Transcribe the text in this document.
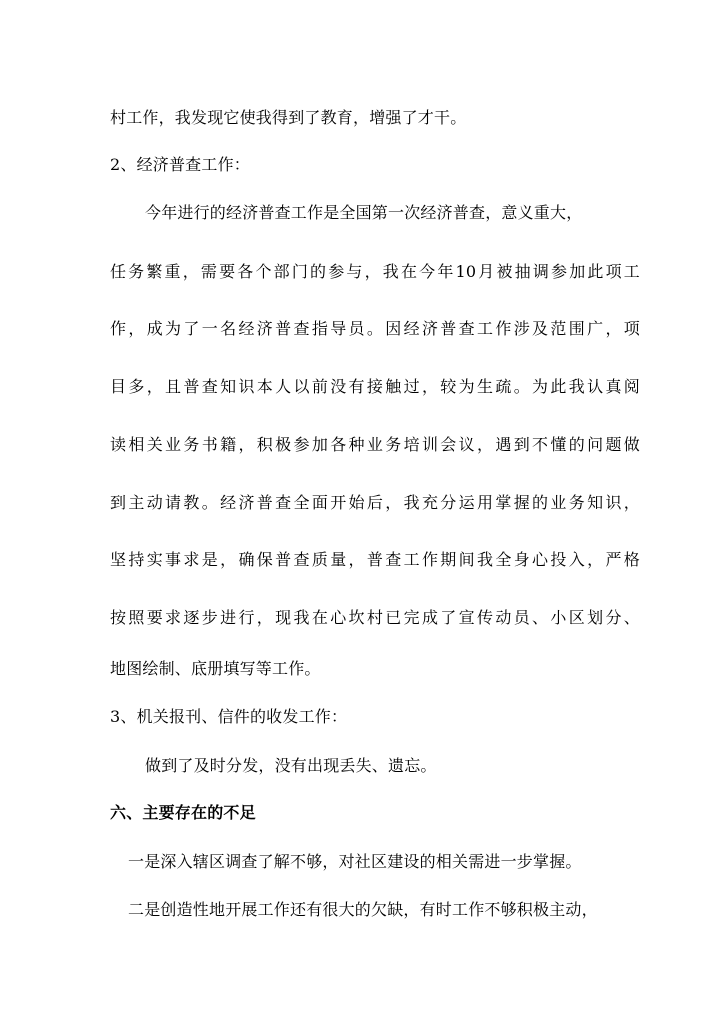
村工作，我发现它使我得到了教育，增强了才干。
2、经济普查工作：
今年进行的经济普查工作是全国第一次经济普查，意义重大，
任务繁重，需要各个部门的参与，我在今年10月被抽调参加此项工
作，成为了一名经济普查指导员。因经济普查工作涉及范围广，项
目多，且普查知识本人以前没有接触过，较为生疏。为此我认真阅
读相关业务书籍，积极参加各种业务培训会议，遇到不懂的问题做
到主动请教。经济普查全面开始后，我充分运用掌握的业务知识，
坚持实事求是，确保普查质量，普查工作期间我全身心投入，严格
按照要求逐步进行，现我在心坎村已完成了宣传动员、小区划分、
地图绘制、底册填写等工作。
3、机关报刊、信件的收发工作：
做到了及时分发，没有出现丢失、遗忘。
六、主要存在的不足
一是深入辖区调查了解不够，对社区建设的相关需进一步掌握。
二是创造性地开展工作还有很大的欠缺，有时工作不够积极主动，
